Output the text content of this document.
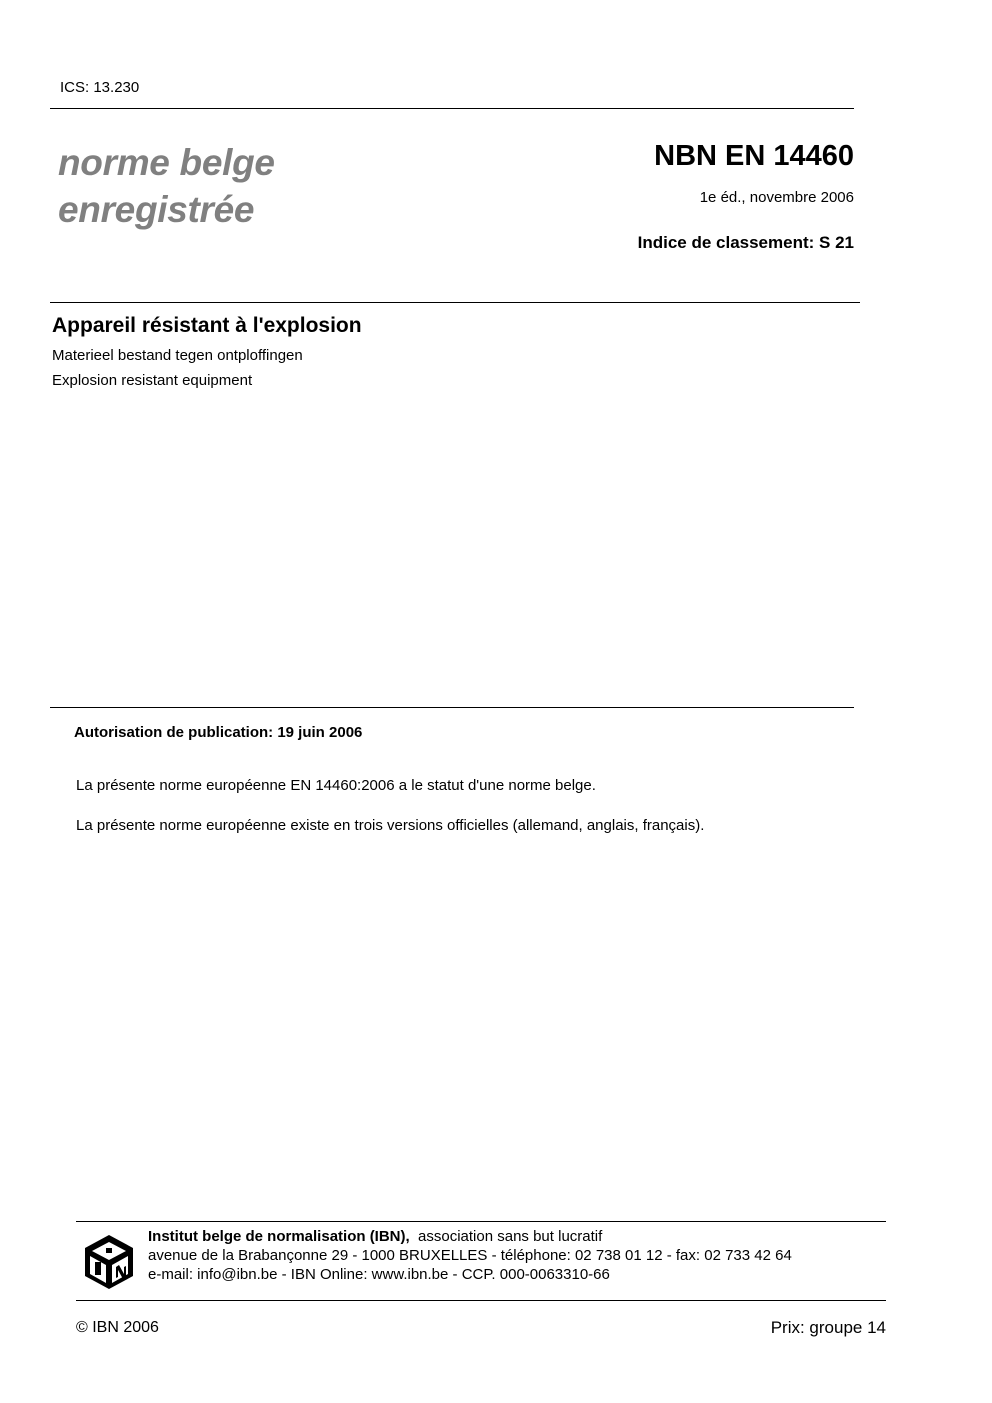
ICS: 13.230
norme belge
enregistrée
NBN EN 14460
1e éd., novembre 2006
Indice de classement: S 21
Appareil résistant à l'explosion
Materieel bestand tegen ontploffingen
Explosion resistant equipment
Autorisation de publication: 19 juin 2006
La présente norme européenne EN 14460:2006 a le statut d'une norme belge.
La présente norme européenne existe en trois versions officielles (allemand, anglais, français).
Institut belge de normalisation (IBN), association sans but lucratif
avenue de la Brabançonne 29 - 1000 BRUXELLES - téléphone: 02 738 01 12 - fax: 02 733 42 64
e-mail: info@ibn.be - IBN Online: www.ibn.be - CCP. 000-0063310-66
© IBN 2006	Prix: groupe 14
